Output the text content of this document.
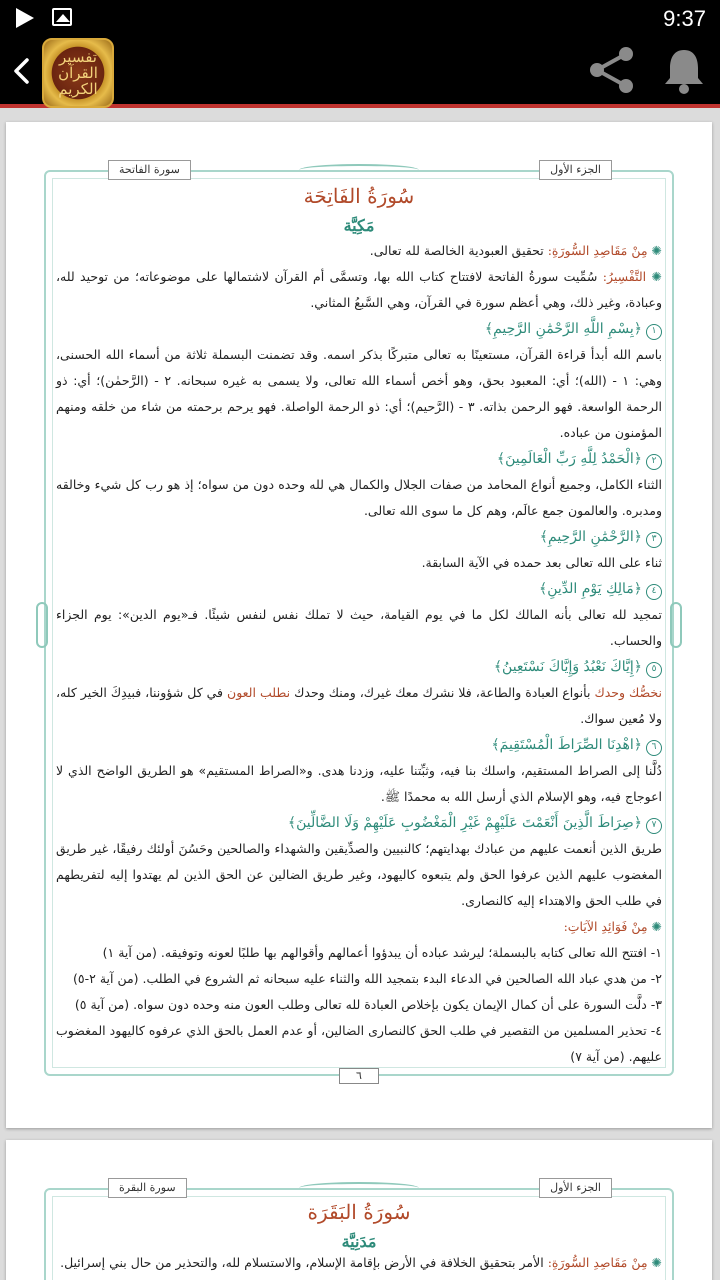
9:37
تفسير القرآن الكريم
سورة الفاتحة	الجزء الأول
سُورَةُ الفَاتِحَة
مَكِيَّة

✺ مِنْ مَقَاصِدِ السُّورَةِ: تحقيق العبودية الخالصة لله تعالى.

✺ التَّفْسِيرُ: سُمِّيت سورةُ الفاتحة لافتتاح كتاب الله بها، وتسمَّى أم القرآن لاشتمالها على موضوعاته؛ من توحيد لله، وعبادة، وغير ذلك، وهي أعظم سورة في القرآن، وهي السَّبعُ المثاني.

١ ﴿بِسْمِ اللَّهِ الرَّحْمَٰنِ الرَّحِيمِ﴾

باسم الله أبدأ قراءة القرآن، مستعينًا به تعالى متبركًا بذكر اسمه. وقد تضمنت البسملة ثلاثة من أسماء الله الحسنى، وهي: ١ - (الله)؛ أي: المعبود بحق، وهو أخص أسماء الله تعالى، ولا يسمى به غيره سبحانه. ٢ - (الرَّحمٰن)؛ أي: ذو الرحمة الواسعة. فهو الرحمن بذاته. ٣ - (الرَّحيم)؛ أي: ذو الرحمة الواصلة. فهو يرحم برحمته من شاء من خلقه ومنهم المؤمنون من عباده.

٢ ﴿الْحَمْدُ لِلَّهِ رَبِّ الْعَالَمِينَ﴾

الثناء الكامل، وجميع أنواع المحامد من صفات الجلال والكمال هي لله وحده دون من سواه؛ إذ هو رب كل شيء وخالقه ومدبره. والعالمون جمع عالَم، وهم كل ما سوى الله تعالى.

٣ ﴿الرَّحْمَٰنِ الرَّحِيمِ﴾

ثناء على الله تعالى بعد حمده في الآية السابقة.

٤ ﴿مَالِكِ يَوْمِ الدِّينِ﴾

تمجيد لله تعالى بأنه المالك لكل ما في يوم القيامة، حيث لا تملك نفس لنفس شيئًا. فـ«يوم الدين»: يوم الجزاء والحساب.

٥ ﴿إِيَّاكَ نَعْبُدُ وَإِيَّاكَ نَسْتَعِينُ﴾

نخصُّك وحدك بأنواع العبادة والطاعة، فلا نشرك معك غيرك، ومنك وحدك نطلب العون في كل شؤوننا، فبيدِكَ الخير كله، ولا مُعين سواك.

٦ ﴿اهْدِنَا الصِّرَاطَ الْمُسْتَقِيمَ﴾

دُلَّنا إلى الصراط المستقيم، واسلك بنا فيه، وثبِّتنا عليه، وزدنا هدى. و«الصراط المستقيم» هو الطريق الواضح الذي لا اعوجاج فيه، وهو الإسلام الذي أرسل الله به محمدًا ﷺ.

٧ ﴿صِرَاطَ الَّذِينَ أَنْعَمْتَ عَلَيْهِمْ غَيْرِ الْمَغْضُوبِ عَلَيْهِمْ وَلَا الضَّالِّينَ﴾

طريق الذين أنعمت عليهم من عبادك بهدايتهم؛ كالنبيين والصدِّيقين والشهداء والصالحين وحَسُنَ أولئك رفيقًا، غير طريق المغضوب عليهم الذين عرفوا الحق ولم يتبعوه كاليهود، وغير طريق الضالين عن الحق الذين لم يهتدوا إليه لتفريطهم في طلب الحق والاهتداء إليه كالنصارى.

✺ مِنْ فَوَائِدِ الآيَاتِ:

١- افتتح الله تعالى كتابه بالبسملة؛ ليرشد عباده أن يبدؤوا أعمالهم وأقوالهم بها طلبًا لعونه وتوفيقه. (من آية ١)

٢- من هدي عباد الله الصالحين في الدعاء البدء بتمجيد الله والثناء عليه سبحانه ثم الشروع في الطلب. (من آية ٢-٥)

٣- دلَّت السورة على أن كمال الإيمان يكون بإخلاص العبادة لله تعالى وطلب العون منه وحده دون سواه. (من آية ٥)

٤- تحذير المسلمين من التقصير في طلب الحق كالنصارى الضالين، أو عدم العمل بالحق الذي عرفوه كاليهود المغضوب عليهم. (من آية ٧)

٦
سورة البقرة	الجزء الأول
سُورَةُ البَقَرَة
مَدَنِيَّة

✺ مِنْ مَقَاصِدِ السُّورَةِ: الأمر بتحقيق الخلافة في الأرض بإقامة الإسلام، والاستسلام لله، والتحذير من حال بني إسرائيل.
